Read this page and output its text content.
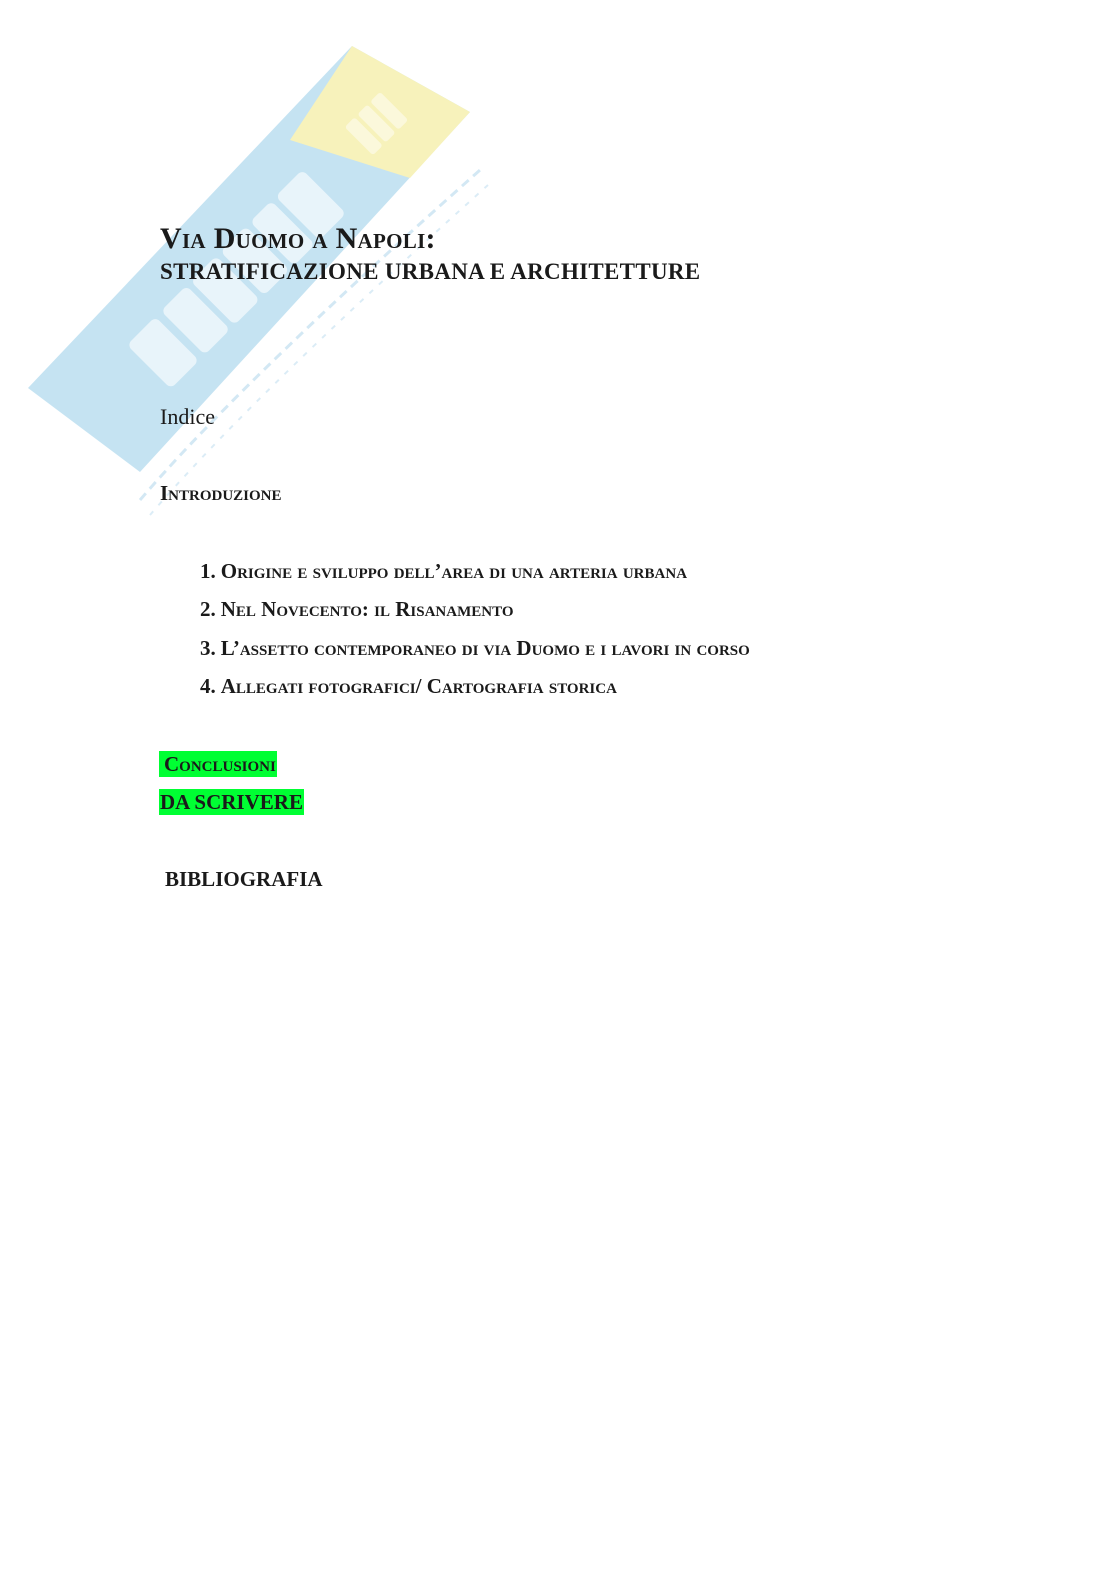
Via Duomo a Napoli:
STRATIFICAZIONE URBANA E ARCHITETTURE
Indice
Introduzione
1. Origine e sviluppo dell’area di una arteria urbana
2. Nel Novecento: il Risanamento
3. L’assetto contemporaneo di via Duomo e i lavori in corso
4. Allegati fotografici/ Cartografia storica
Conclusioni
DA SCRIVERE
BIBLIOGRAFIA
